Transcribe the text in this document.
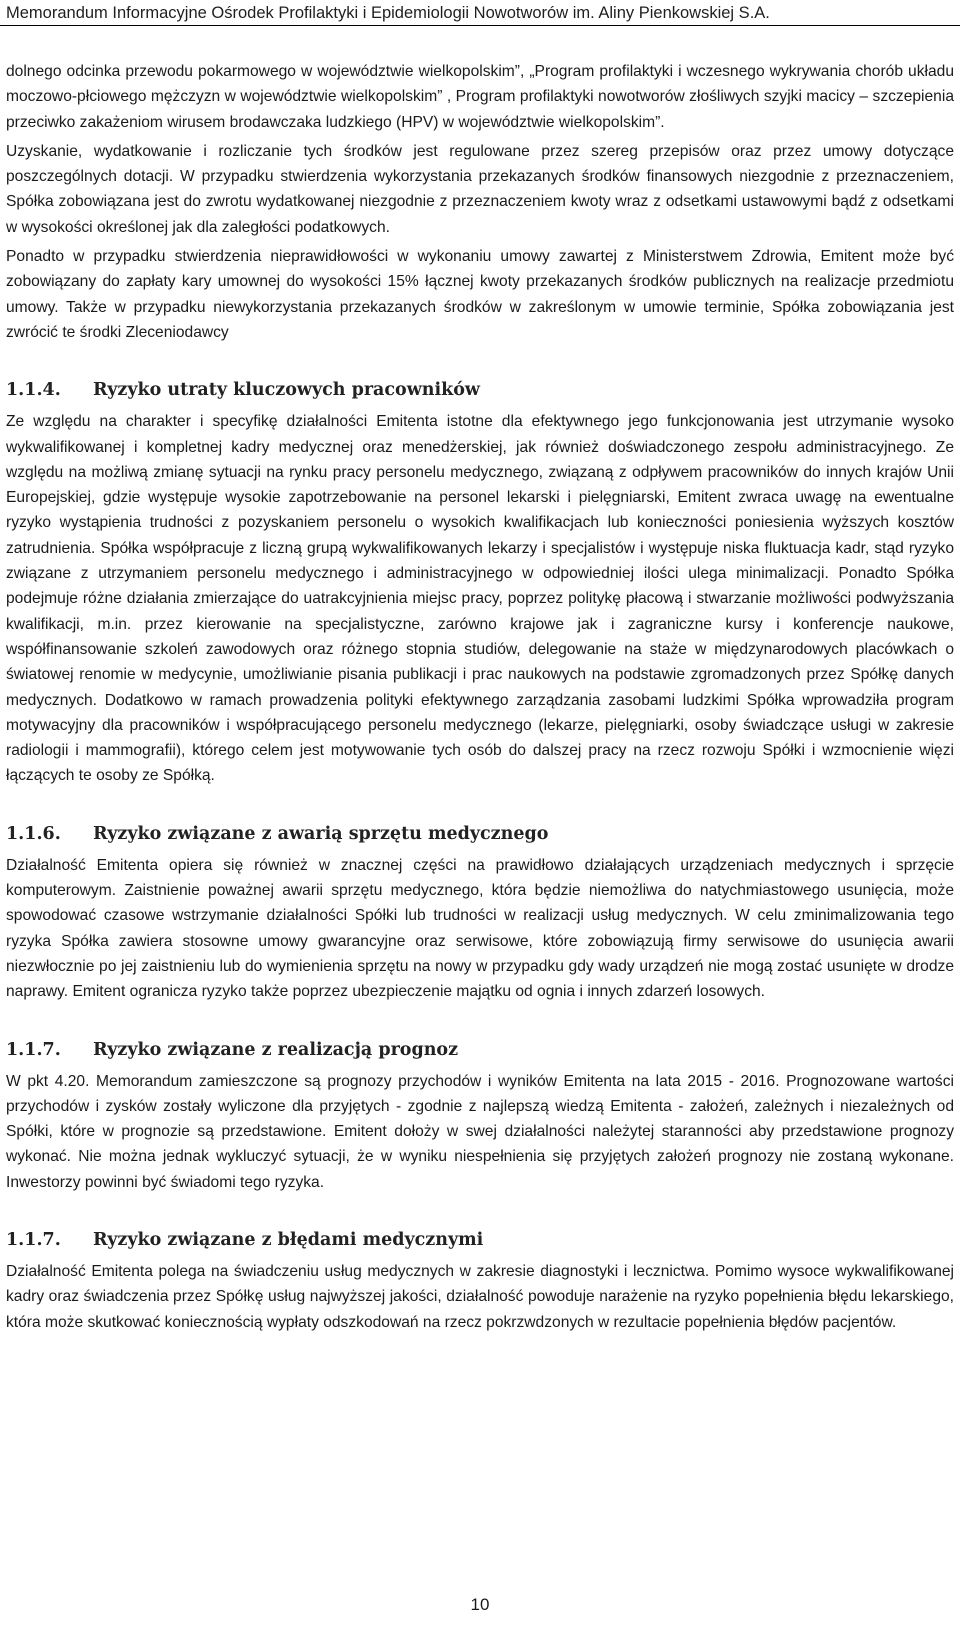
Memorandum Informacyjne Ośrodek Profilaktyki i Epidemiologii Nowotworów im. Aliny Pienkowskiej S.A.

dolnego odcinka przewodu pokarmowego w województwie wielkopolskim”, „Program profilaktyki i wczesnego wykrywania chorób układu moczowo-płciowego mężczyzn w województwie wielkopolskim” , Program profilaktyki nowotworów złośliwych szyjki macicy – szczepienia przeciwko zakażeniom wirusem brodawczaka ludzkiego (HPV) w województwie wielkopolskim”.

Uzyskanie, wydatkowanie i rozliczanie tych środków jest regulowane przez szereg przepisów oraz przez umowy dotyczące poszczególnych dotacji. W przypadku stwierdzenia wykorzystania przekazanych środków finansowych niezgodnie z przeznaczeniem, Spółka zobowiązana jest do zwrotu wydatkowanej niezgodnie z przeznaczeniem kwoty wraz z odsetkami ustawowymi bądź z odsetkami w wysokości określonej jak dla zaległości podatkowych.

Ponadto w przypadku stwierdzenia nieprawidłowości w wykonaniu umowy zawartej z Ministerstwem Zdrowia, Emitent może być zobowiązany do zapłaty kary umownej do wysokości 15% łącznej kwoty przekazanych środków publicznych na realizacje przedmiotu umowy. Także w przypadku niewykorzystania przekazanych środków w zakreślonym w umowie terminie, Spółka zobowiązania jest zwrócić te środki Zleceniodawcy

1.1.4. Ryzyko utraty kluczowych pracowników

Ze względu na charakter i specyfikę działalności Emitenta istotne dla efektywnego jego funkcjonowania jest utrzymanie wysoko wykwalifikowanej i kompletnej kadry medycznej oraz menedżerskiej, jak również doświadczonego zespołu administracyjnego. Ze względu na możliwą zmianę sytuacji na rynku pracy personelu medycznego, związaną z odpływem pracowników do innych krajów Unii Europejskiej, gdzie występuje wysokie zapotrzebowanie na personel lekarski i pielęgniarski, Emitent zwraca uwagę na ewentualne ryzyko wystąpienia trudności z pozyskaniem personelu o wysokich kwalifikacjach lub konieczności poniesienia wyższych kosztów zatrudnienia. Spółka współpracuje z liczną grupą wykwalifikowanych lekarzy i specjalistów i występuje niska fluktuacja kadr, stąd ryzyko związane z utrzymaniem personelu medycznego i administracyjnego w odpowiedniej ilości ulega minimalizacji. Ponadto Spółka podejmuje różne działania zmierzające do uatrakcyjnienia miejsc pracy, poprzez politykę płacową i stwarzanie możliwości podwyższania kwalifikacji, m.in. przez kierowanie na specjalistyczne, zarówno krajowe jak i zagraniczne kursy i konferencje naukowe, współfinansowanie szkoleń zawodowych oraz różnego stopnia studiów, delegowanie na staże w międzynarodowych placówkach o światowej renomie w medycynie, umożliwianie pisania publikacji i prac naukowych na podstawie zgromadzonych przez Spółkę danych medycznych. Dodatkowo w ramach prowadzenia polityki efektywnego zarządzania zasobami ludzkimi Spółka wprowadziła program motywacyjny dla pracowników i współpracującego personelu medycznego (lekarze, pielęgniarki, osoby świadczące usługi w zakresie radiologii i mammografii), którego celem jest motywowanie tych osób do dalszej pracy na rzecz rozwoju Spółki i wzmocnienie więzi łączących te osoby ze Spółką.

1.1.6. Ryzyko związane z awarią sprzętu medycznego

Działalność Emitenta opiera się również w znacznej części na prawidłowo działających urządzeniach medycznych i sprzęcie komputerowym. Zaistnienie poważnej awarii sprzętu medycznego, która będzie niemożliwa do natychmiastowego usunięcia, może spowodować czasowe wstrzymanie działalności Spółki lub trudności w realizacji usług medycznych. W celu zminimalizowania tego ryzyka Spółka zawiera stosowne umowy gwarancyjne oraz serwisowe, które zobowiązują firmy serwisowe do usunięcia awarii niezwłocznie po jej zaistnieniu lub do wymienienia sprzętu na nowy w przypadku gdy wady urządzeń nie mogą zostać usunięte w drodze naprawy. Emitent ogranicza ryzyko także poprzez ubezpieczenie majątku od ognia i innych zdarzeń losowych.

1.1.7. Ryzyko związane z realizacją prognoz

W pkt 4.20. Memorandum zamieszczone są prognozy przychodów i wyników Emitenta na lata 2015 - 2016. Prognozowane wartości przychodów i zysków zostały wyliczone dla przyjętych - zgodnie z najlepszą wiedzą Emitenta - założeń, zależnych i niezależnych od Spółki, które w prognozie są przedstawione. Emitent dołoży w swej działalności należytej staranności aby przedstawione prognozy wykonać. Nie można jednak wykluczyć sytuacji, że w wyniku niespełnienia się przyjętych założeń prognozy nie zostaną wykonane. Inwestorzy powinni być świadomi tego ryzyka.

1.1.7. Ryzyko związane z błędami medycznymi

Działalność Emitenta polega na świadczeniu usług medycznych w zakresie diagnostyki i lecznictwa. Pomimo wysoce wykwalifikowanej kadry oraz świadczenia przez Spółkę usług najwyższej jakości, działalność powoduje narażenie na ryzyko popełnienia błędu lekarskiego, która może skutkować koniecznością wypłaty odszkodowań na rzecz pokrzwdzonych w rezultacie popełnienia błędów pacjentów.

10
